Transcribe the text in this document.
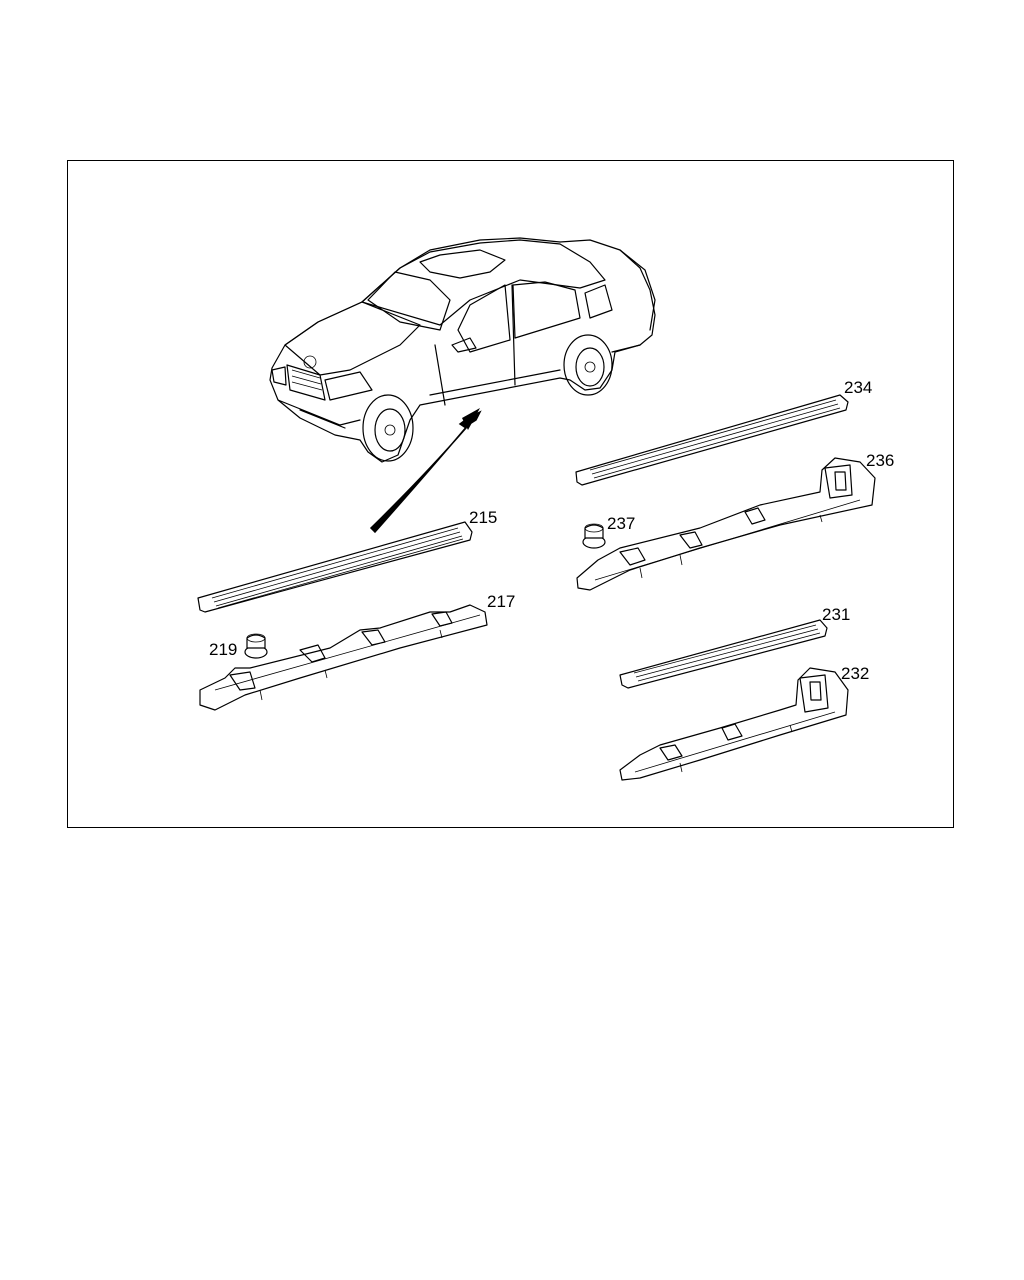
215
217
219
234
236
237
231
232
